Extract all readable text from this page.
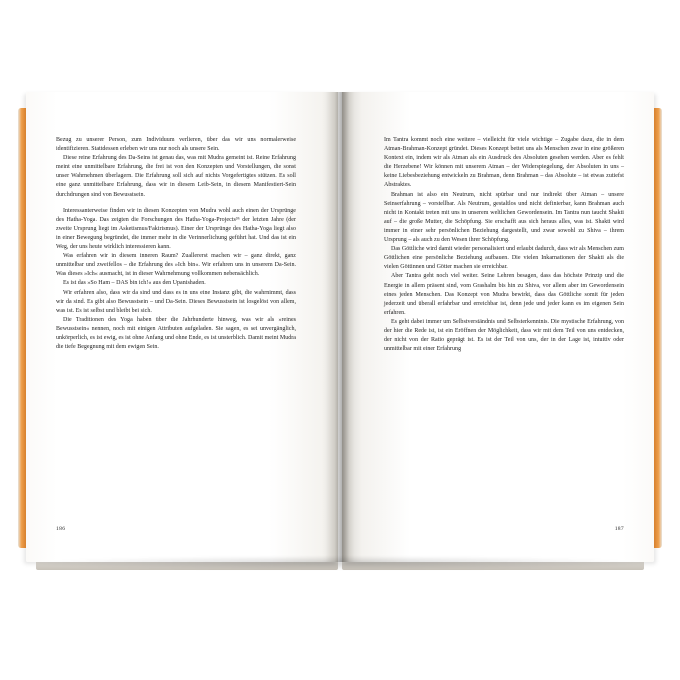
Bezug zu unserer Person, zum Individuum verlieren, über das wir uns normalerweise identifizieren. Stattdessen erleben wir uns nur noch als unsere Sein.

Diese reine Erfahrung des Da-Seins ist genau das, was mit Mudra gemeint ist. Reine Erfahrung meint eine unmittelbare Erfahrung, die frei ist von den Konzepten und Vorstellungen, die sonst unser Wahrnehmen überlagern. Die Erfahrung soll sich auf nichts Vorgefertigtes stützen. Es soll eine ganz unmittelbare Erfahrung, dass wir in diesem Leib-Sein, in diesem Manifestiert-Sein durchdrungen sind von Bewusstsein.

Interessanterweise finden wir in diesen Konzepten von Mudra wohl auch einen der Ursprünge des Hatha-Yoga. Das zeigten die Forschungen des Hatha-Yoga-Projects³⁶ der letzten Jahre (der zweite Ursprung liegt im Asketismus/Fakirismus). Einer der Ursprünge des Hatha-Yoga liegt also in einer Bewegung begründet, die immer mehr in die Verinnerlichung geführt hat. Und das ist ein Weg, der uns heute wirklich interessieren kann.

Was erfahren wir in diesem inneren Raum? Zuallererst machen wir – ganz direkt, ganz unmittelbar und zweifellos – die Erfahrung des »Ich bin«. Wir erfahren uns in unserem Da-Sein. Was dieses »Ich« ausmacht, ist in dieser Wahrnehmung vollkommen nebensächlich.

Es ist das »So Ham – DAS bin ich!« aus den Upanishaden.

Wir erfahren also, dass wir da sind und dass es in uns eine Instanz gibt, die wahrnimmt, dass wir da sind. Es gibt also Bewusstsein – und Da-Sein. Dieses Bewusstsein ist losgelöst von allem, was ist. Es ist selbst und bleibt bei sich.

Die Traditionen des Yoga haben über die Jahrhunderte hinweg, was wir als »reines Bewusstsein« nennen, noch mit einigen Attributen aufgeladen. Sie sagen, es sei unvergänglich, unkörperlich, es ist ewig, es ist ohne Anfang und ohne Ende, es ist unsterblich. Damit meint Mudra die tiefe Begegnung mit dem ewigen Sein.

186

Im Tantra kommt noch eine weitere – vielleicht für viele wichtige – Zugabe dazu, die in dem Atman-Brahman-Konzept gründet. Dieses Konzept bettet uns als Menschen zwar in eine größeren Kontext ein, indem wir als Atman als ein Ausdruck des Absoluten gesehen werden. Aber es fehlt die Herzebene! Wir können mit unserem Atman – der Widerspiegelung, der Absoluten in uns – keine Liebesbeziehung entwickeln zu Brahman, denn Brahman – das Absolute – ist etwas zutiefst Abstraktes.

Brahman ist also ein Neutrum, nicht spürbar und nur indirekt über Atman – unsere Seinserfahrung – vorstellbar. Als Neutrum, gestaltlos und nicht definierbar, kann Brahman auch nicht in Kontakt treten mit uns in unserem weltlichen Gewordensein. Im Tantra nun taucht Shakti auf – die große Mutter, die Schöpfung. Sie erschafft aus sich heraus alles, was ist. Shakti wird immer in einer sehr persönlichen Beziehung dargestellt, und zwar sowohl zu Shiva – ihrem Ursprung – als auch zu den Wesen ihrer Schöpfung.

Das Göttliche wird damit wieder personalisiert und erlaubt dadurch, dass wir als Menschen zum Göttlichen eine persönliche Beziehung aufbauen. Die vielen Inkarnationen der Shakti als die vielen Göttinnen und Götter machen sie erreichbar.

Aber Tantra geht noch viel weiter. Seine Lehren besagen, dass das höchste Prinzip und die Energie in allem präsent sind, vom Grashalm bis hin zu Shiva, vor allem aber im Gewordensein eines jeden Menschen. Das Konzept von Mudra bewirkt, dass das Göttliche somit für jeden jederzeit und überall erfahrbar und erreichbar ist, denn jede und jeder kann es im eigenen Sein erfahren.

Es geht dabei immer um Selbstverständnis und Selbsterkenntnis. Die mystische Erfahrung, von der hier die Rede ist, ist ein Eröffnen der Möglichkeit, dass wir mit dem Teil von uns entdecken, der nicht von der Ratio geprägt ist. Es ist der Teil von uns, der in der Lage ist, intuitiv oder unmittelbar mit einer Erfahrung

187
